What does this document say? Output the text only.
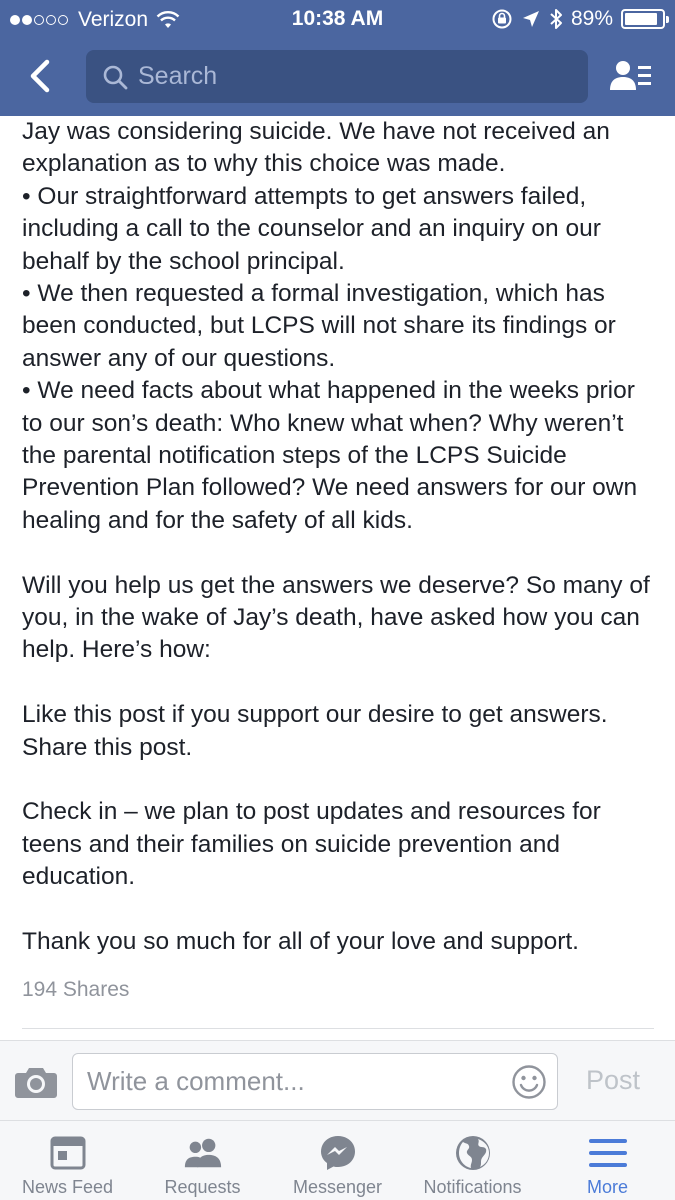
Verizon	10:38 AM	89%
Search

Jay was considering suicide. We have not received an explanation as to why this choice was made.

• Our straightforward attempts to get answers failed, including a call to the counselor and an inquiry on our behalf by the school principal.

• We then requested a formal investigation, which has been conducted, but LCPS will not share its findings or answer any of our questions.

• We need facts about what happened in the weeks prior to our son’s death: Who knew what when? Why weren’t the parental notification steps of the LCPS Suicide Prevention Plan followed? We need answers for our own healing and for the safety of all kids.

Will you help us get the answers we deserve? So many of you, in the wake of Jay’s death, have asked how you can help. Here’s how:

Like this post if you support our desire to get answers. Share this post.

Check in – we plan to post updates and resources for teens and their families on suicide prevention and education.

Thank you so much for all of your love and support.

194 Shares
Write a comment...
Post
News Feed	Requests	Messenger Notifications	More
